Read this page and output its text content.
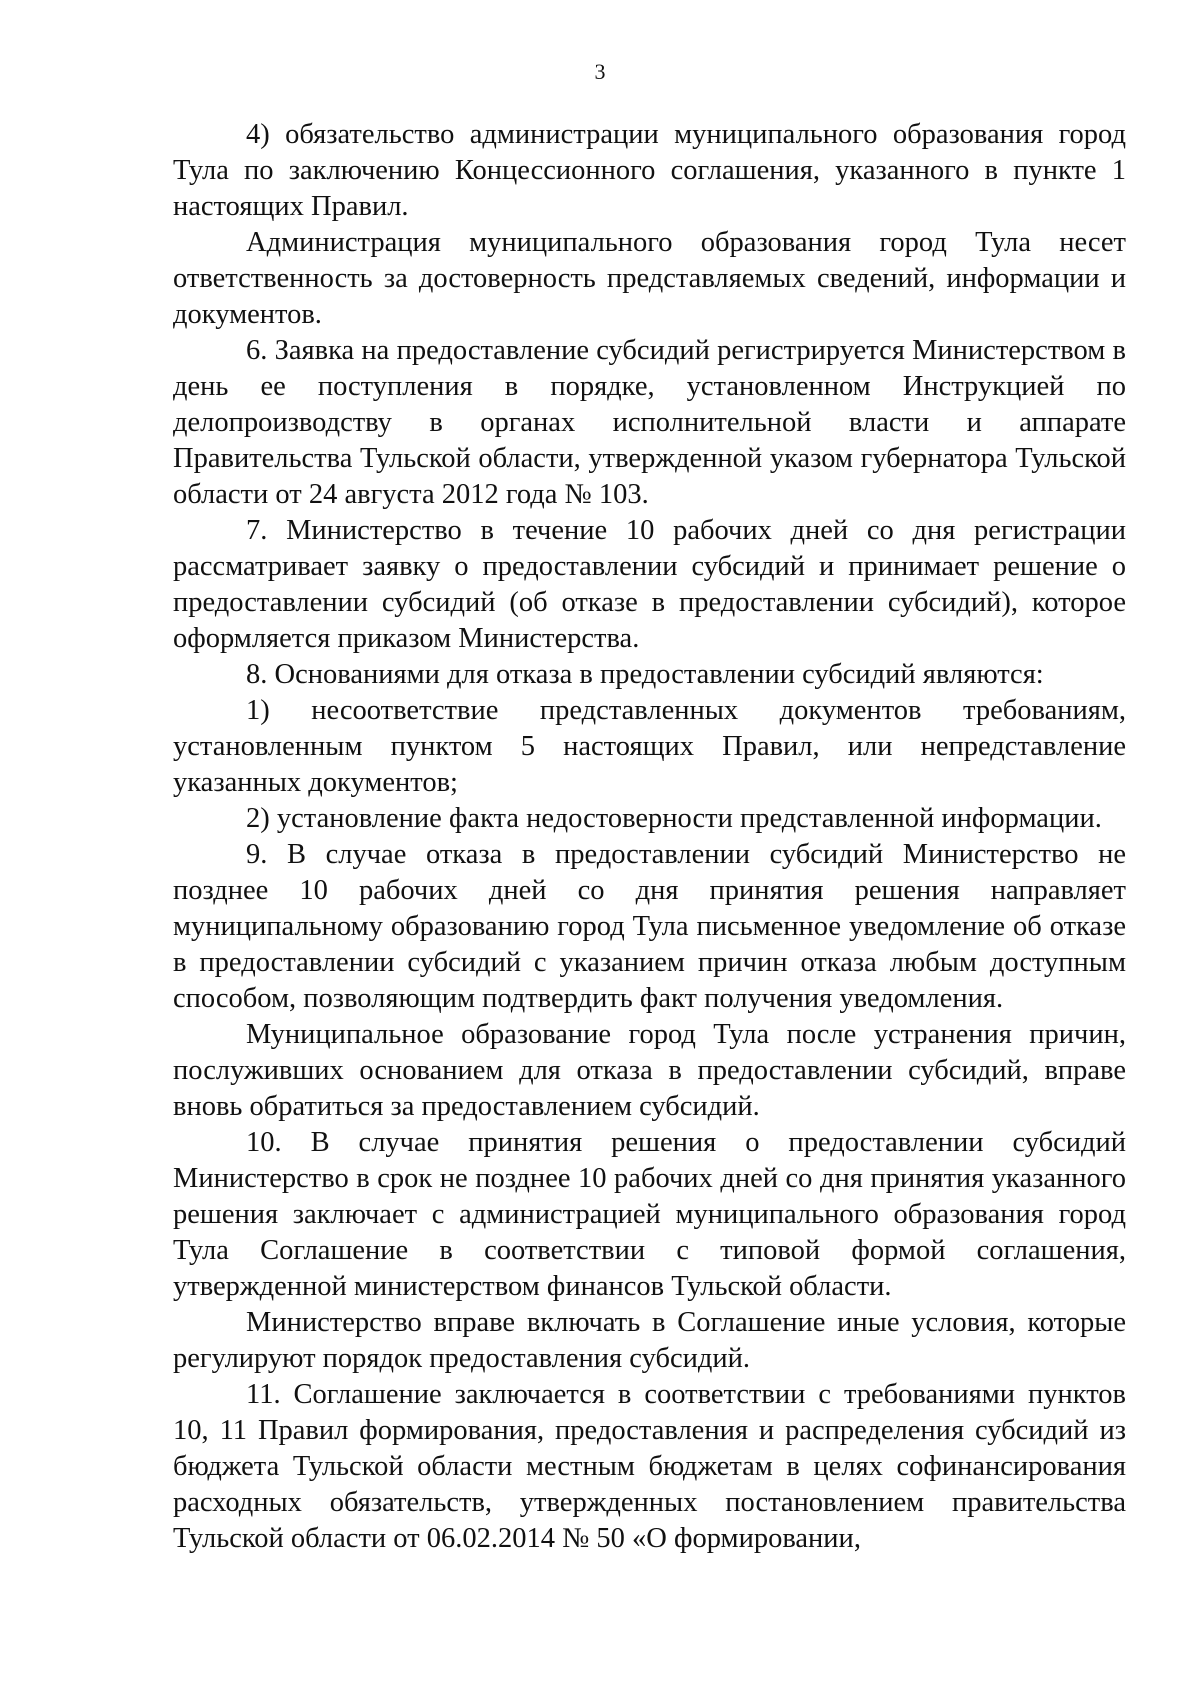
3

4) обязательство администрации муниципального образования город Тула по заключению Концессионного соглашения, указанного в пункте 1 настоящих Правил.

Администрация муниципального образования город Тула несет ответственность за достоверность представляемых сведений, информации и документов.

6. Заявка на предоставление субсидий регистрируется Министерством в день ее поступления в порядке, установленном Инструкцией по делопроизводству в органах исполнительной власти и аппарате Правительства Тульской области, утвержденной указом губернатора Тульской области от 24 августа 2012 года № 103.

7. Министерство в течение 10 рабочих дней со дня регистрации рассматривает заявку о предоставлении субсидий и принимает решение о предоставлении субсидий (об отказе в предоставлении субсидий), которое оформляется приказом Министерства.

8. Основаниями для отказа в предоставлении субсидий являются:

1) несоответствие представленных документов требованиям, установленным пунктом 5 настоящих Правил, или непредставление указанных документов;

2) установление факта недостоверности представленной информации.

9. В случае отказа в предоставлении субсидий Министерство не позднее 10 рабочих дней со дня принятия решения направляет муниципальному образованию город Тула письменное уведомление об отказе в предоставлении субсидий с указанием причин отказа любым доступным способом, позволяющим подтвердить факт получения уведомления.

Муниципальное образование город Тула после устранения причин, послуживших основанием для отказа в предоставлении субсидий, вправе вновь обратиться за предоставлением субсидий.

10. В случае принятия решения о предоставлении субсидий Министерство в срок не позднее 10 рабочих дней со дня принятия указанного решения заключает с администрацией муниципального образования город Тула Соглашение в соответствии с типовой формой соглашения, утвержденной министерством финансов Тульской области.

Министерство вправе включать в Соглашение иные условия, которые регулируют порядок предоставления субсидий.

11. Соглашение заключается в соответствии с требованиями пунктов 10, 11 Правил формирования, предоставления и распределения субсидий из бюджета Тульской области местным бюджетам в целях софинансирования расходных обязательств, утвержденных постановлением правительства Тульской области от 06.02.2014 № 50 «О формировании,
